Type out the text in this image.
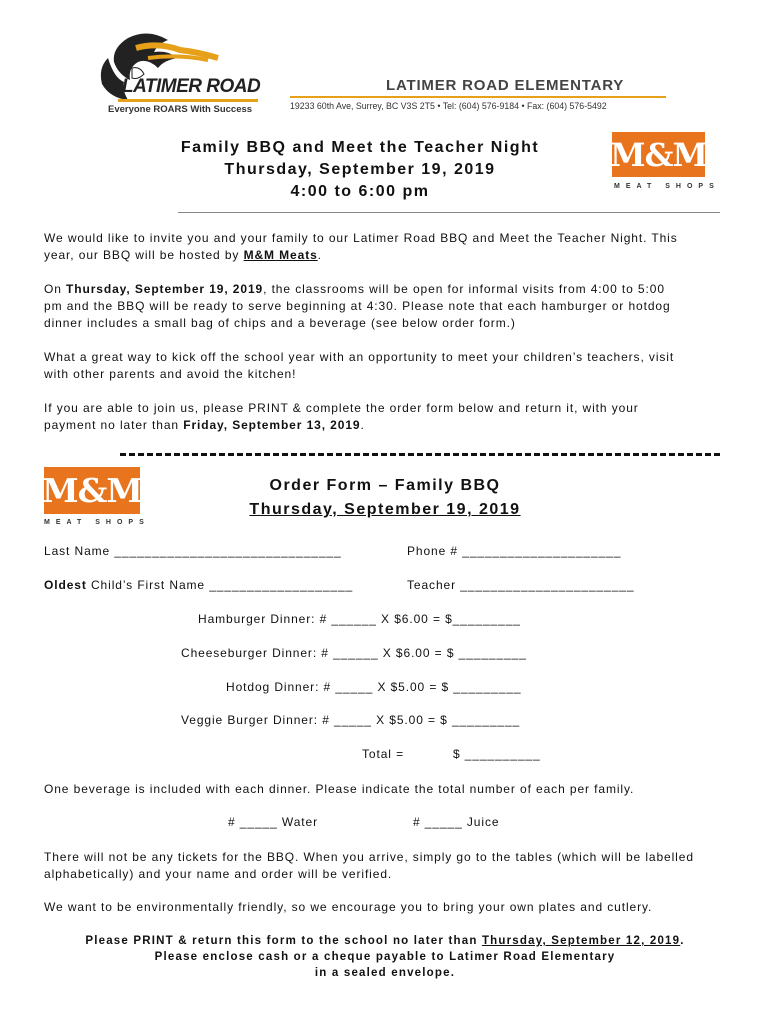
LATIMER ROAD
Everyone ROARS With Success
LATIMER ROAD ELEMENTARY
19233 60th Ave, Surrey, BC V3S 2T5 • Tel: (604) 576-9184 • Fax: (604) 576-5492
M&M
MEAT SHOPS
Family BBQ and Meet the Teacher Night
Thursday, September 19, 2019
4:00 to 6:00 pm
We would like to invite you and your family to our Latimer Road BBQ and Meet the Teacher Night. This
year, our BBQ will be hosted by M&M Meats.
On Thursday, September 19, 2019, the classrooms will be open for informal visits from 4:00 to 5:00
pm and the BBQ will be ready to serve beginning at 4:30. Please note that each hamburger or hotdog
dinner includes a small bag of chips and a beverage (see below order form.)
What a great way to kick off the school year with an opportunity to meet your children’s teachers, visit
with other parents and avoid the kitchen!
If you are able to join us, please PRINT & complete the order form below and return it, with your
payment no later than Friday, September 13, 2019.
M&M
MEAT SHOPS
Order Form – Family BBQ
Thursday, September 19, 2019
Last Name ______________________________	Phone # _____________________
Oldest Child’s First Name ___________________	Teacher _______________________
Hamburger Dinner: # ______ X $6.00 = $_________
Cheeseburger Dinner: # ______ X $6.00 = $ _________
Hotdog Dinner: # _____ X $5.00 = $ _________
Veggie Burger Dinner: # _____ X $5.00 = $ _________
Total =	$ __________
One beverage is included with each dinner. Please indicate the total number of each per family.
# _____ Water	# _____ Juice
There will not be any tickets for the BBQ. When you arrive, simply go to the tables (which will be labelled
alphabetically) and your name and order will be verified.
We want to be environmentally friendly, so we encourage you to bring your own plates and cutlery.
Please PRINT & return this form to the school no later than Thursday, September 12, 2019.
Please enclose cash or a cheque payable to Latimer Road Elementary
in a sealed envelope.
